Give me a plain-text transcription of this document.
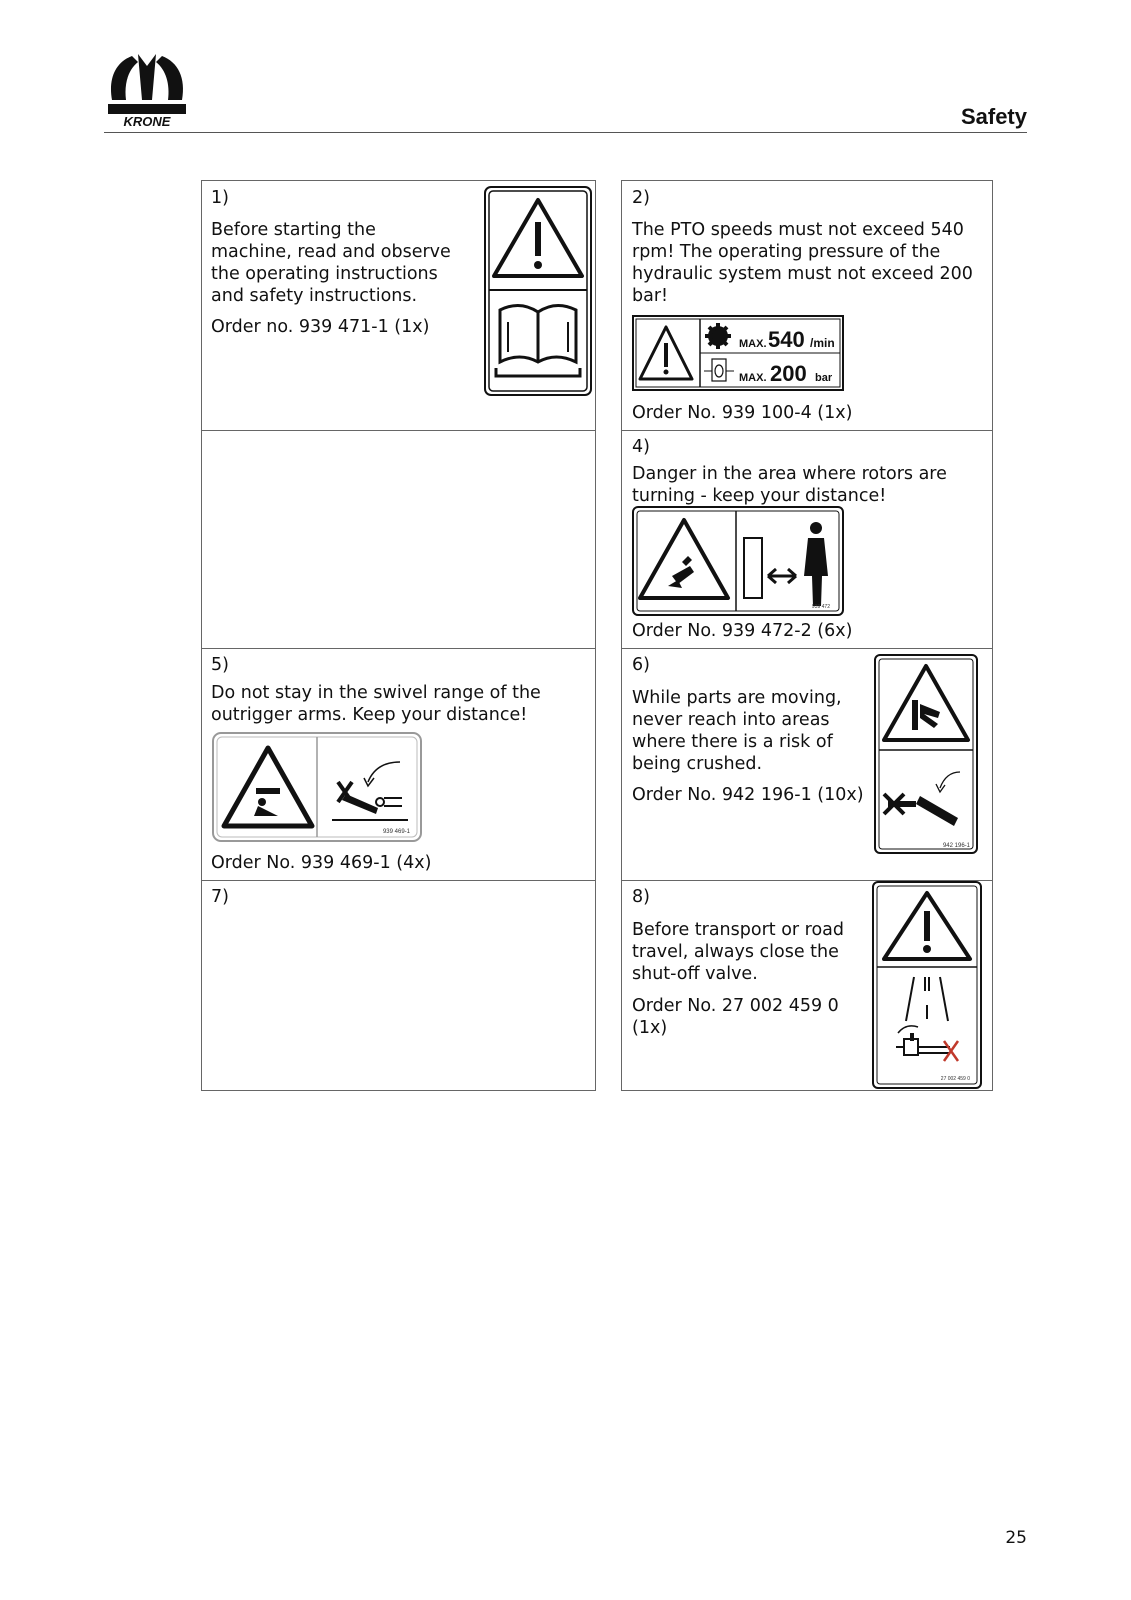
KRONE	Safety
1)
Before starting the machine, read and observe the operating instructions and safety instructions.
Order no. 939 471-1 (1x)
2)
The PTO speeds must not exceed 540 rpm! The operating pressure of the hydraulic system must not exceed 200 bar!
MAX. 540 /min
MAX. 200 bar
Order No. 939 100-4 (1x)
4)
Danger in the area where rotors are turning - keep your distance!
939 472
Order No. 939 472-2 (6x)
5)
Do not stay in the swivel range of the outrigger arms. Keep your distance!
939 469-1
Order No. 939 469-1 (4x)
6)
While parts are moving, never reach into areas where there is a risk of being crushed.
Order No. 942 196-1 (10x)
942 196-1
7)	8)
Before transport or road travel, always close the shut-off valve.
Order No. 27 002 459 0 (1x)
27 002 459 0
25
